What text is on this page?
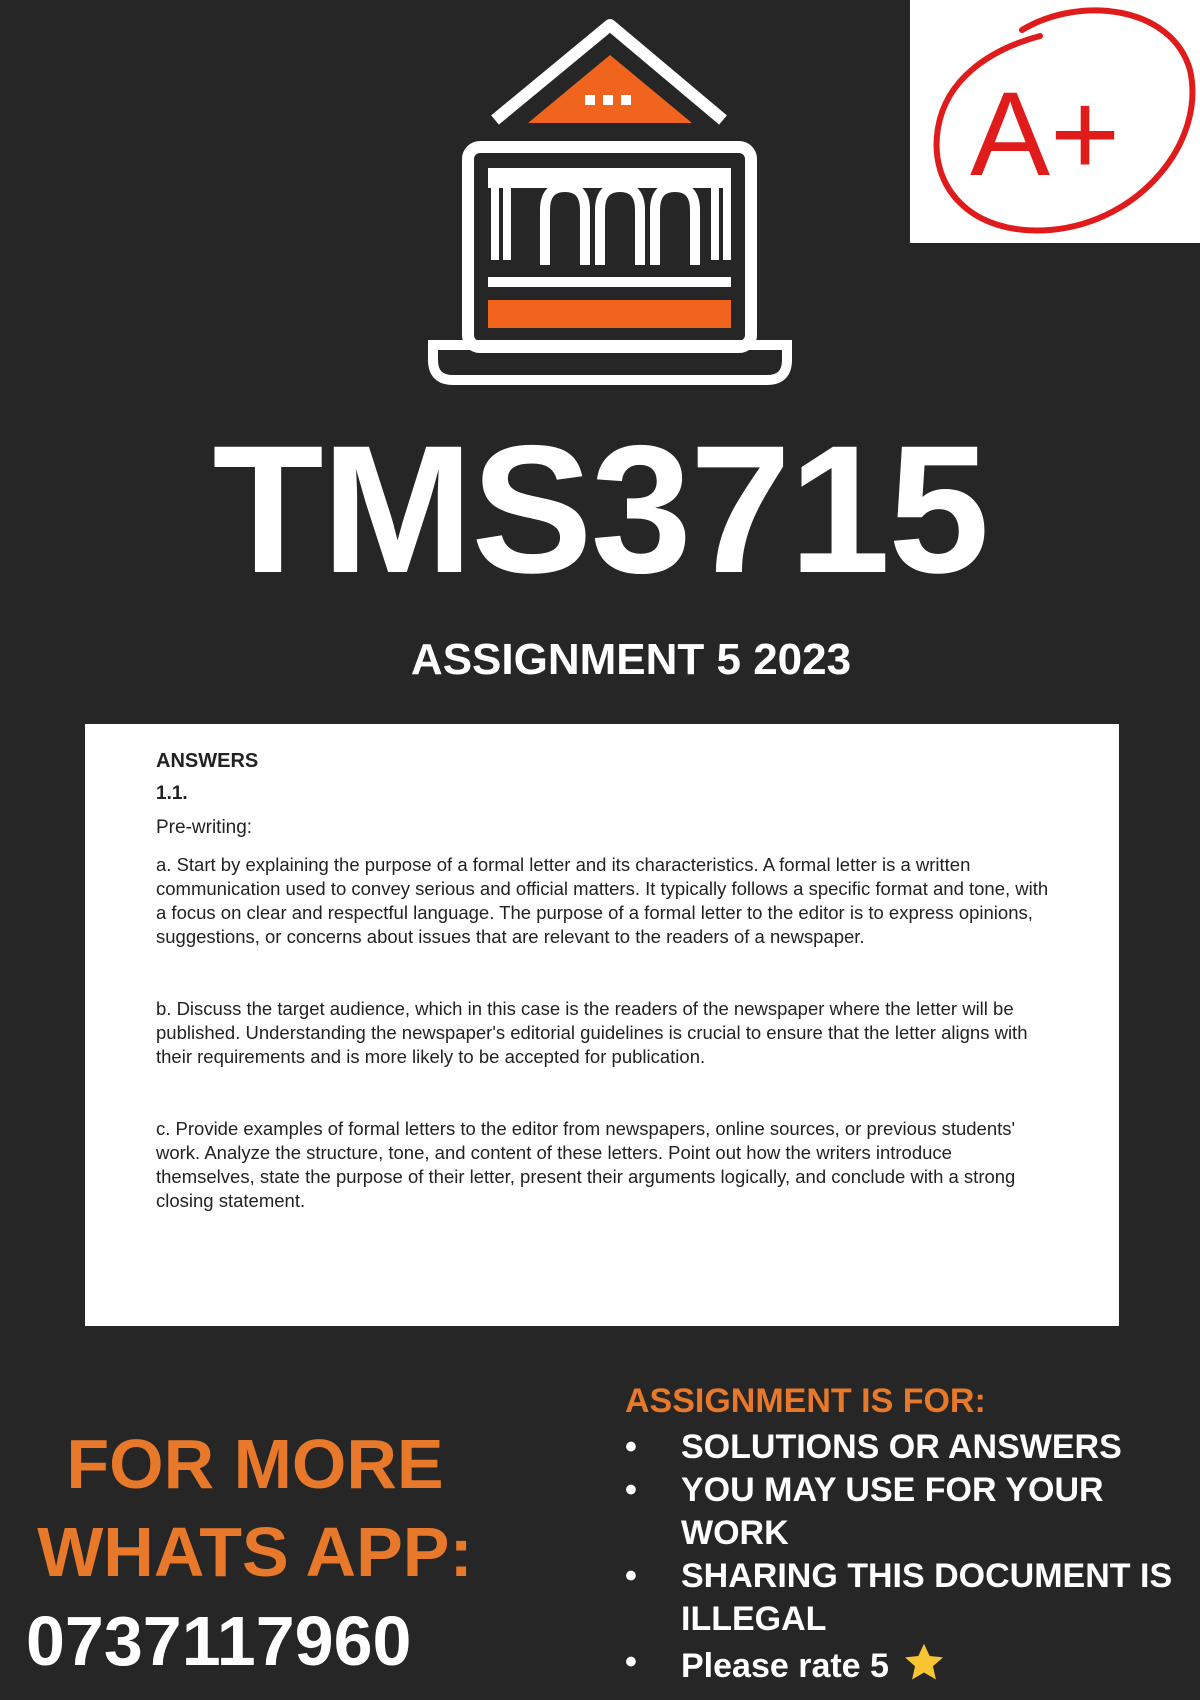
A+
TMS3715
ASSIGNMENT 5 2023
ANSWERS
1.1.
Pre-writing:

a. Start by explaining the purpose of a formal letter and its characteristics. A formal letter is a written communication used to convey serious and official matters. It typically follows a specific format and tone, with a focus on clear and respectful language. The purpose of a formal letter to the editor is to express opinions, suggestions, or concerns about issues that are relevant to the readers of a newspaper.

b. Discuss the target audience, which in this case is the readers of the newspaper where the letter will be published. Understanding the newspaper's editorial guidelines is crucial to ensure that the letter aligns with their requirements and is more likely to be accepted for publication.

c. Provide examples of formal letters to the editor from newspapers, online sources, or previous students' work. Analyze the structure, tone, and content of these letters. Point out how the writers introduce themselves, state the purpose of their letter, present their arguments logically, and conclude with a strong closing statement.

FOR MORE
WHATS APP:
0737117960
ASSIGNMENT IS FOR:
• SOLUTIONS OR ANSWERS
• YOU MAY USE FOR YOUR WORK
• SHARING THIS DOCUMENT IS ILLEGAL
• Please rate 5
